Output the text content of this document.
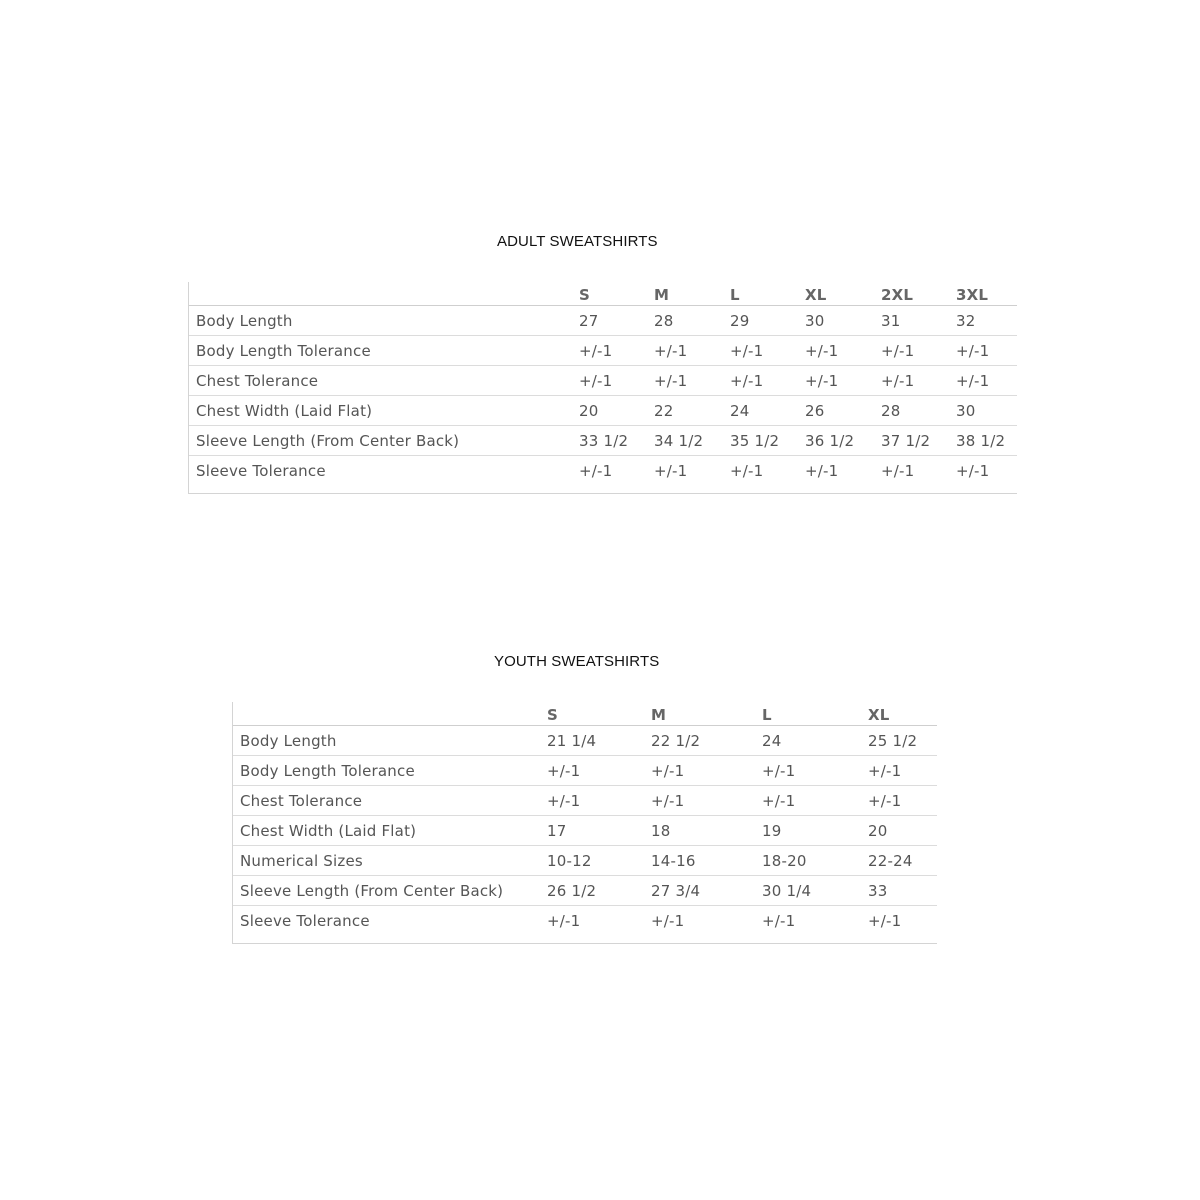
ADULT SWEATSHIRTS
	S	M	L	XL	2XL	3XL
Body Length	27	28	29	30	31	32
Body Length Tolerance	+/-1	+/-1	+/-1	+/-1	+/-1	+/-1
Chest Tolerance	+/-1	+/-1	+/-1	+/-1	+/-1	+/-1
Chest Width (Laid Flat)	20	22	24	26	28	30
Sleeve Length (From Center Back)	33 1/2	34 1/2	35 1/2	36 1/2	37 1/2	38 1/2
Sleeve Tolerance	+/-1	+/-1	+/-1	+/-1	+/-1	+/-1
YOUTH SWEATSHIRTS
	S	M	L	XL
Body Length	21 1/4	22 1/2	24	25 1/2
Body Length Tolerance	+/-1	+/-1	+/-1	+/-1
Chest Tolerance	+/-1	+/-1	+/-1	+/-1
Chest Width (Laid Flat)	17	18	19	20
Numerical Sizes	10-12	14-16	18-20	22-24
Sleeve Length (From Center Back)	26 1/2	27 3/4	30 1/4	33
Sleeve Tolerance	+/-1	+/-1	+/-1	+/-1
